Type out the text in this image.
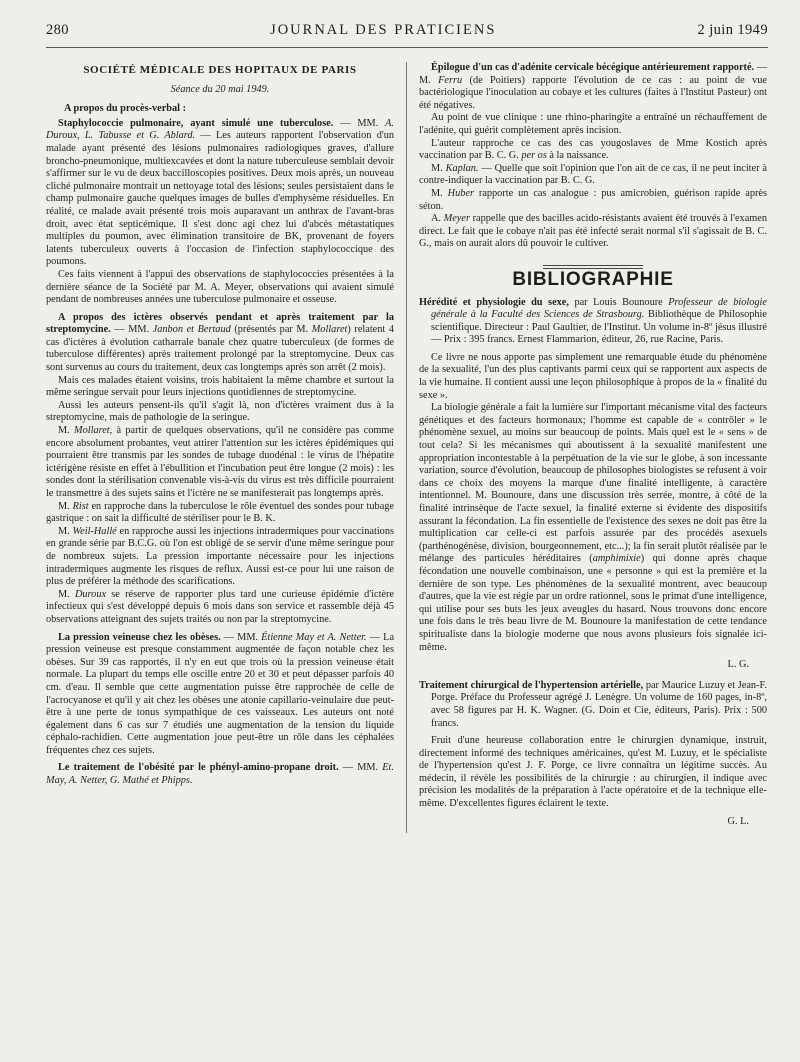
280	JOURNAL DES PRATICIENS	2 juin 1949
SOCIÉTÉ MÉDICALE DES HOPITAUX DE PARIS
Séance du 20 mai 1949.
A propos du procès-verbal :

Staphylococcie pulmonaire, ayant simulé une tuberculose. — MM. A. Duroux, L. Tabusse et G. Ablard. — Les auteurs rapportent l'observation d'un malade ayant présenté des lésions pulmonaires radiologiques graves, d'allure broncho-pneumonique, multiexcavées et dont la nature tuberculeuse semblait devoir s'affirmer sur le vu de deux baccilloscopies positives. Deux mois après, un nouveau cliché pulmonaire montrait un nettoyage total des lésions; seules persistaient dans le champ pulmonaire gauche quelques images de bulles d'emphysème résiduelles. En réalité, ce malade avait présenté trois mois auparavant un anthrax de l'avant-bras droit, avec état septicémique. Il s'est donc agi chez lui d'abcès métastatiques multiples du poumon, avec élimination transitoire de BK, provenant de foyers latents tuberculeux ouverts à l'occasion de l'infection staphylococcique des poumons.

Ces faits viennent à l'appui des observations de staphylococcies présentées à la dernière séance de la Société par M. A. Meyer, observations qui avaient simulé pendant de nombreuses années une tuberculose pulmonaire et osseuse.

A propos des ictères observés pendant et après traitement par la streptomycine. — MM. Janbon et Bertaud (présentés par M. Mollaret) relatent 4 cas d'ictères à évolution catharrale banale chez quatre tuberculeux (de formes de tuberculose différentes) après traitement prolongé par la streptomycine. Deux cas sont survenus au cours du traitement, deux cas longtemps après son arrêt (2 mois).

Mais ces malades étaient voisins, trois habitaient la même chambre et surtout la même seringue servait pour leurs injections quotidiennes de streptomycine.

Aussi les auteurs pensent-ils qu'il s'agit là, non d'ictères vraiment dus à la streptomycine, mais de pathologie de la seringue.

M. Mollaret, à partir de quelques observations, qu'il ne considère pas comme encore absolument probantes, veut attirer l'attention sur les ictères épidémiques qui pourraient être transmis par les sondes de tubage duodénal : le virus de l'hépatite ictérigène résiste en effet à l'ébullition et l'incubation peut être longue (2 mois) : les sondes dont la stérilisation convenable vis-à-vis du virus est très difficile pourraient le transmettre à des sujets sains et l'ictère ne se manifesterait pas longtemps après.

M. Rist en rapproche dans la tuberculose le rôle éventuel des sondes pour tubage gastrique : on sait la difficulté de stériliser pour le B. K.

M. Weil-Hallé en rapproche aussi les injections intradermiques pour vaccinations en grande série par B.C.G. où l'on est obligé de se servir d'une même seringue pour de nombreux sujets. La pression importante nécessaire pour les injections intradermiques augmente les risques de reflux. Aussi est-ce pour lui une raison de plus de préférer la méthode des scarifications.

M. Duroux se réserve de rapporter plus tard une curieuse épidémie d'ictère infectieux qui s'est développé depuis 6 mois dans son service et rassemble déjà 45 observations atteignant des sujets traités ou non par la streptomycine.

La pression veineuse chez les obèses. — MM. Étienne May et A. Netter. — La pression veineuse est presque constamment augmentée de façon notable chez les obèses. Sur 39 cas rapportés, il n'y en eut que trois où la pression veineuse était normale. La plupart du temps elle oscille entre 20 et 30 et peut dépasser parfois 40 cm. d'eau. Il semble que cette augmentation puisse être rapprochée de celle de l'acrocyanose et qu'il y ait chez les obèses une atonie capillario-veinulaire due peut-être à une perte de tonus sympathique de ces vaisseaux. Les auteurs ont noté également dans 6 cas sur 7 étudiés une augmentation de la tension du liquide céphalo-rachidien. Cette augmentation joue peut-être un rôle dans les céphalées fréquentes chez ces sujets.

Le traitement de l'obésité par le phényl-amino-propane droit. — MM. Et. May, A. Netter, G. Mathé et Phipps.

Épilogue d'un cas d'adénite cervicale bécégique antérieurement rapporté. — M. Ferru (de Poitiers) rapporte l'évolution de ce cas : au point de vue bactériologique l'inoculation au cobaye et les cultures (faites à l'Institut Pasteur) ont été négatives.

Au point de vue clinique : une rhino-pharingite a entraîné un réchauffement de l'adénite, qui guérit complètement après incision.

L'auteur rapproche ce cas des cas yougoslaves de Mme Kostich après vaccination par B. C. G. per os à la naissance.

M. Kaplan. — Quelle que soit l'opinion que l'on ait de ce cas, il ne peut inciter à contre-indiquer la vaccination par B. C. G.

M. Huber rapporte un cas analogue : pus amicrobien, guérison rapide après séton.

A. Meyer rappelle que des bacilles acido-résistants avaient été trouvés à l'examen direct. Le fait que le cobaye n'ait pas été infecté serait normal s'il s'agissait de B. C. G., mais on aurait alors dû pouvoir le cultiver.

BIBLIOGRAPHIE

Hérédité et physiologie du sexe, par Louis Bounoure Professeur de biologie générale à la Faculté des Sciences de Strasbourg. Bibliothèque de Philosophie scientifique. Directeur : Paul Gaultier, de l'Institut. Un volume in-8º jésus illustré — Prix : 395 francs. Ernest Flammarion, éditeur, 26, rue Racine, Paris.

Ce livre ne nous apporte pas simplement une remarquable étude du phénomène de la sexualité, l'un des plus captivants parmi ceux qui se rapportent aux aspects de la vie humaine. Il contient aussi une leçon philosophique à propos de la « finalité du sexe ».

La biologie générale a fait la lumière sur l'important mécanisme vital des facteurs génétiques et des facteurs hormonaux; l'homme est capable de « contrôler » le phénomène sexuel, au moins sur beaucoup de points. Mais quel est le « sens » de tout cela? Si les mécanismes qui aboutissent à la sexualité manifestent une appropriation incontestable à la perpétuation de la vie sur le globe, à son incessante variation, source d'évolution, beaucoup de philosophes biologistes se refusent à voir dans ce choix des moyens la marque d'une finalité intelligente, à caractère intentionnel. M. Bounoure, dans une discussion très serrée, montre, à côté de la finalité intrinsèque de l'acte sexuel, la finalité externe si évidente des dispositifs assurant la fécondation. La fin essentielle de l'existence des sexes ne doit pas être la multiplication car celle-ci est parfois assurée par des procédés asexuels (parthénogénèse, division, bourgeonnement, etc...); la fin serait plutôt réalisée par le mélange des particules héréditaires (amphimixie) qui donne après chaque fécondation une nouvelle combinaison, une « personne » qui est la première et la dernière de son type. Les phénomènes de la sexualité montrent, avec beaucoup d'autres, que la vie est régie par un ordre rationnel, sous le primat d'une intelligence, qui utilise pour ses buts les jeux aveugles du hasard. Nous trouvons donc encore une fois dans le très beau livre de M. Bounoure la manifestation de cette tendance spiritualiste dans la biologie moderne que nous avons plusieurs fois signalée ici-même.

L. G.

Traitement chirurgical de l'hypertension artérielle, par Maurice Luzuy et Jean-F. Porge. Préface du Professeur agrégé J. Lenègre. Un volume de 160 pages, in-8º, avec 58 figures par H. K. Wagner. (G. Doin et Cie, éditeurs, Paris). Prix : 500 francs.

Fruit d'une heureuse collaboration entre le chirurgien dynamique, instruit, directement informé des techniques américaines, qu'est M. Luzuy, et le spécialiste de l'hypertension qu'est J. F. Porge, ce livre connaîtra un légitime succès. Au médecin, il révèle les possibilités de la chirurgie : au chirurgien, il indique avec précision les modalités de la préparation à l'acte opératoire et de la technique elle-même. D'excellentes figures éclairent le texte.

G. L.
